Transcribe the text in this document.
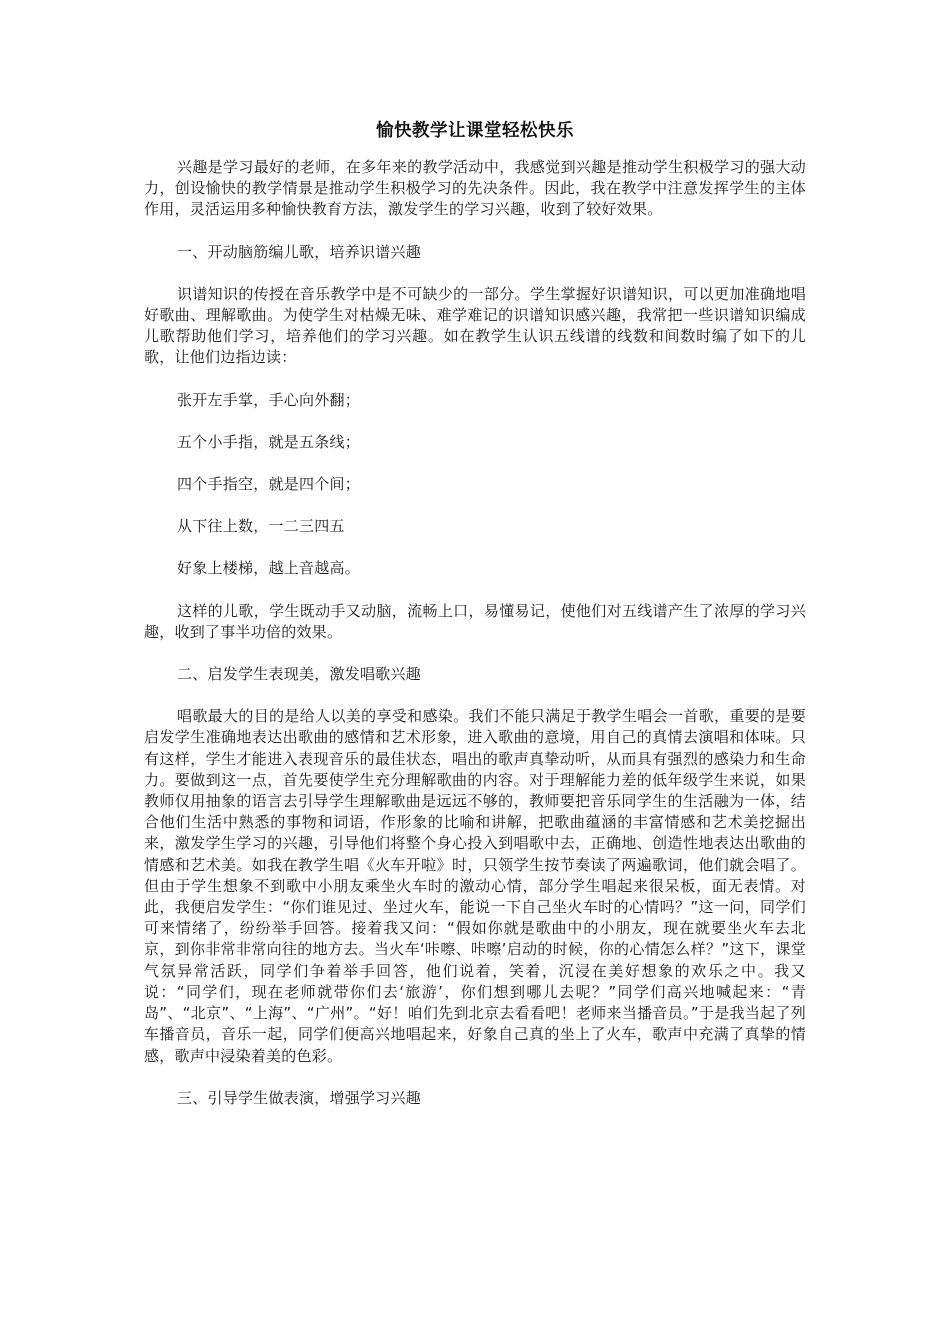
愉快教学让课堂轻松快乐

兴趣是学习最好的老师，在多年来的教学活动中，我感觉到兴趣是推动学生积极学习的强大动力，创设愉快的教学情景是推动学生积极学习的先决条件。因此，我在教学中注意发挥学生的主体作用，灵活运用多种愉快教育方法，激发学生的学习兴趣，收到了较好效果。

一、开动脑筋编儿歌，培养识谱兴趣

识谱知识的传授在音乐教学中是不可缺少的一部分。学生掌握好识谱知识，可以更加准确地唱好歌曲、理解歌曲。为使学生对枯燥无味、难学难记的识谱知识感兴趣，我常把一些识谱知识编成儿歌帮助他们学习，培养他们的学习兴趣。如在教学生认识五线谱的线数和间数时编了如下的儿歌，让他们边指边读：

张开左手掌，手心向外翻；

五个小手指，就是五条线；

四个手指空，就是四个间；

从下往上数，一二三四五

好象上楼梯，越上音越高。

这样的儿歌，学生既动手又动脑，流畅上口，易懂易记，使他们对五线谱产生了浓厚的学习兴趣，收到了事半功倍的效果。

二、启发学生表现美，激发唱歌兴趣

唱歌最大的目的是给人以美的享受和感染。我们不能只满足于教学生唱会一首歌，重要的是要启发学生准确地表达出歌曲的感情和艺术形象，进入歌曲的意境，用自己的真情去演唱和体味。只有这样，学生才能进入表现音乐的最佳状态，唱出的歌声真挚动听，从而具有强烈的感染力和生命力。要做到这一点，首先要使学生充分理解歌曲的内容。对于理解能力差的低年级学生来说，如果教师仅用抽象的语言去引导学生理解歌曲是远远不够的，教师要把音乐同学生的生活融为一体，结合他们生活中熟悉的事物和词语，作形象的比喻和讲解，把歌曲蕴涵的丰富情感和艺术美挖掘出来，激发学生学习的兴趣，引导他们将整个身心投入到唱歌中去，正确地、创造性地表达出歌曲的情感和艺术美。如我在教学生唱《火车开啦》时，只领学生按节奏读了两遍歌词，他们就会唱了。但由于学生想象不到歌中小朋友乘坐火车时的激动心情，部分学生唱起来很呆板，面无表情。对此，我便启发学生：“你们谁见过、坐过火车，能说一下自己坐火车时的心情吗？”这一问，同学们可来情绪了，纷纷举手回答。接着我又问：“假如你就是歌曲中的小朋友，现在就要坐火车去北京，到你非常非常向往的地方去。当火车‘咔嚓、咔嚓’启动的时候，你的心情怎么样？”这下，课堂气氛异常活跃，同学们争着举手回答，他们说着，笑着，沉浸在美好想象的欢乐之中。我又说：“同学们，现在老师就带你们去‘旅游’，你们想到哪儿去呢？”同学们高兴地喊起来：“青岛”、“北京”、“上海”、“广州”。“好！咱们先到北京去看看吧！老师来当播音员。”于是我当起了列车播音员，音乐一起，同学们便高兴地唱起来，好象自己真的坐上了火车，歌声中充满了真挚的情感，歌声中浸染着美的色彩。

三、引导学生做表演，增强学习兴趣
